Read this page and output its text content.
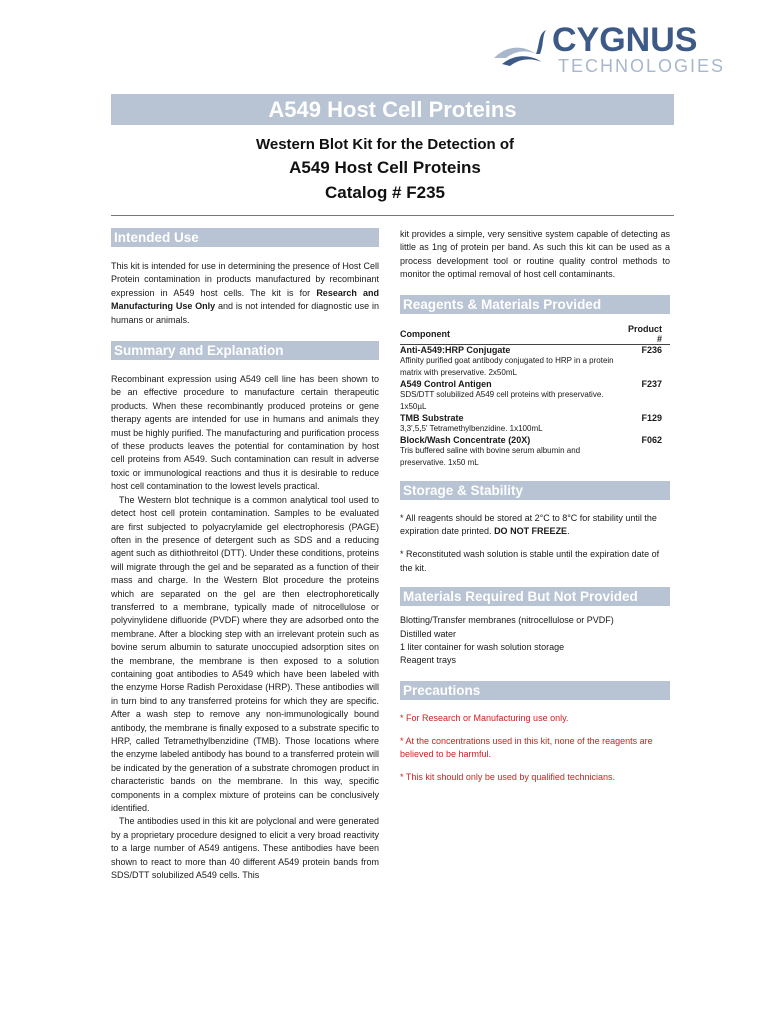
CYGNUS
TECHNOLOGIES
A549 Host Cell Proteins
Western Blot Kit for the Detection of
A549 Host Cell Proteins
Catalog # F235
Intended Use

This kit is intended for use in determining the presence of Host Cell Protein contamination in products manufactured by recombinant expression in A549 host cells. The kit is for Research and Manufacturing Use Only and is not intended for diagnostic use in humans or animals.

Summary and Explanation

Recombinant expression using A549 cell line has been shown to be an effective procedure to manufacture certain therapeutic products. When these recombinantly produced proteins or gene therapy agents are intended for use in humans and animals they must be highly purified. The manufacturing and purification process of these products leaves the potential for contamination by host cell proteins from A549. Such contamination can result in adverse toxic or immunological reactions and thus it is desirable to reduce host cell contamination to the lowest levels practical.

The Western blot technique is a common analytical tool used to detect host cell protein contamination. Samples to be evaluated are first subjected to polyacrylamide gel electrophoresis (PAGE) often in the presence of detergent such as SDS and a reducing agent such as dithiothreitol (DTT). Under these conditions, proteins will migrate through the gel and be separated as a function of their mass and charge. In the Western Blot procedure the proteins which are separated on the gel are then electrophoretically transferred to a membrane, typically made of nitrocellulose or polyvinylidene difluoride (PVDF) where they are adsorbed onto the membrane. After a blocking step with an irrelevant protein such as bovine serum albumin to saturate unoccupied adsorption sites on the membrane, the membrane is then exposed to a solution containing goat antibodies to A549 which have been labeled with the enzyme Horse Radish Peroxidase (HRP). These antibodies will in turn bind to any transferred proteins for which they are specific. After a wash step to remove any non-immunologically bound antibody, the membrane is finally exposed to a substrate specific to HRP, called Tetramethylbenzidine (TMB). Those locations where the enzyme labeled antibody has bound to a transferred protein will be indicated by the generation of a substrate chromogen product in characteristic bands on the membrane. In this way, specific components in a complex mixture of proteins can be conclusively identified.

The antibodies used in this kit are polyclonal and were generated by a proprietary procedure designed to elicit a very broad reactivity to a large number of A549 antigens. These antibodies have been shown to react to more than 40 different A549 protein bands from SDS/DTT solubilized A549 cells. This

kit provides a simple, very sensitive system capable of detecting as little as 1ng of protein per band. As such this kit can be used as a process development tool or routine quality control methods to monitor the optimal removal of host cell contaminants.

Reagents & Materials Provided
Component	Product #
Anti-A549:HRP Conjugate	F236
Affinity purified goat antibody conjugated to HRP in a protein matrix with preservative. 2x50mL	
A549 Control Antigen	F237
SDS/DTT solubilized A549 cell proteins with preservative. 1x50µL	
TMB Substrate	F129
3,3',5,5' Tetramethylbenzidine. 1x100mL	
Block/Wash Concentrate (20X)	F062
Tris buffered saline with bovine serum albumin and preservative. 1x50 mL	
Storage & Stability

* All reagents should be stored at 2°C to 8°C for stability until the expiration date printed. DO NOT FREEZE.

* Reconstituted wash solution is stable until the expiration date of the kit.

Materials Required But Not Provided

Blotting/Transfer membranes (nitrocellulose or PVDF)

Distilled water

1 liter container for wash solution storage

Reagent trays

Precautions

* For Research or Manufacturing use only.

* At the concentrations used in this kit, none of the reagents are believed to be harmful.

* This kit should only be used by qualified technicians.
